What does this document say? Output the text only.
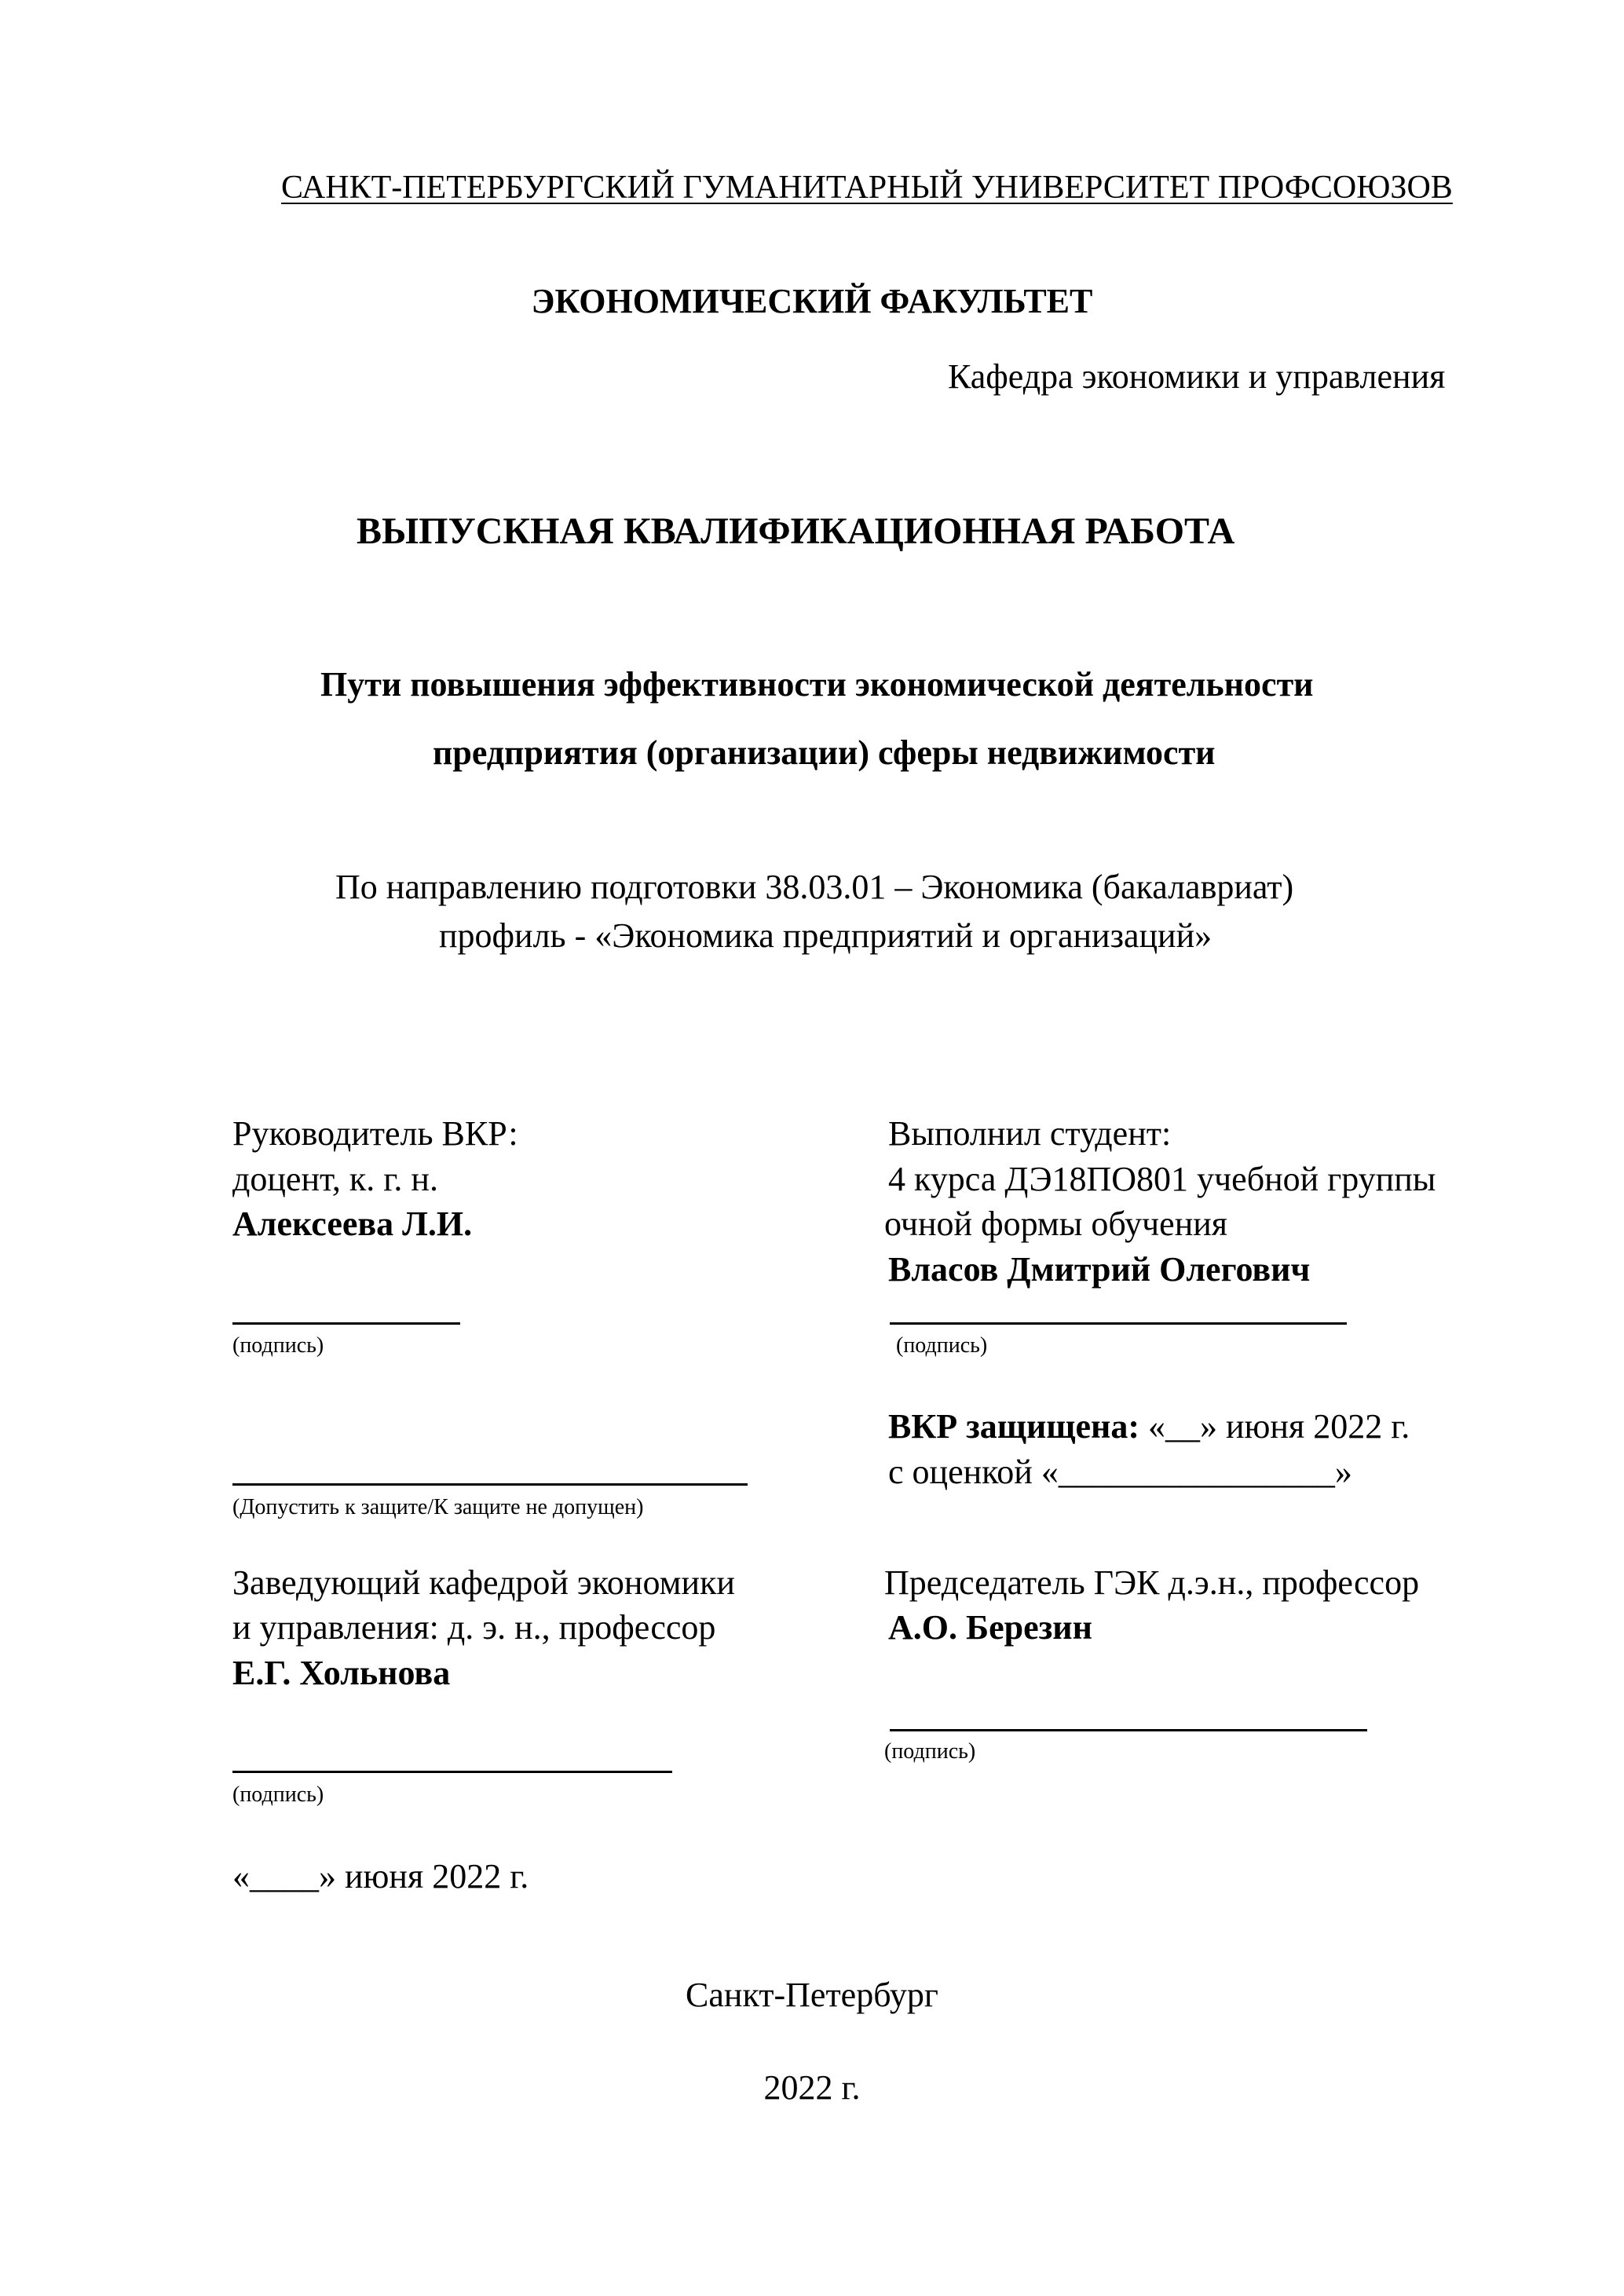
САНКТ-ПЕТЕРБУРГСКИЙ ГУМАНИТАРНЫЙ УНИВЕРСИТЕТ ПРОФСОЮЗОВ
ЭКОНОМИЧЕСКИЙ ФАКУЛЬТЕТ
Кафедра экономики и управления
ВЫПУСКНАЯ КВАЛИФИКАЦИОННАЯ РАБОТА
Пути повышения эффективности экономической деятельности
предприятия (организации) сферы недвижимости
По направлению подготовки 38.03.01 – Экономика (бакалавриат)
профиль - «Экономика предприятий и организаций»
Руководитель ВКР:
доцент, к. г. н.
Алексеева Л.И.
(подпись)
Выполнил студент:
4 курса ДЭ18ПО801 учебной группы
очной формы обучения
Власов Дмитрий Олегович
(подпись)
(Допустить к защите/К защите не допущен)
ВКР защищена: «__» июня 2022 г.
с оценкой «________________»
Заведующий кафедрой экономики
и управления: д. э. н., профессор
Е.Г. Хольнова
(подпись)
Председатель ГЭК д.э.н., профессор
А.О. Березин
(подпись)
«____» июня 2022 г.
Санкт-Петербург
2022 г.
